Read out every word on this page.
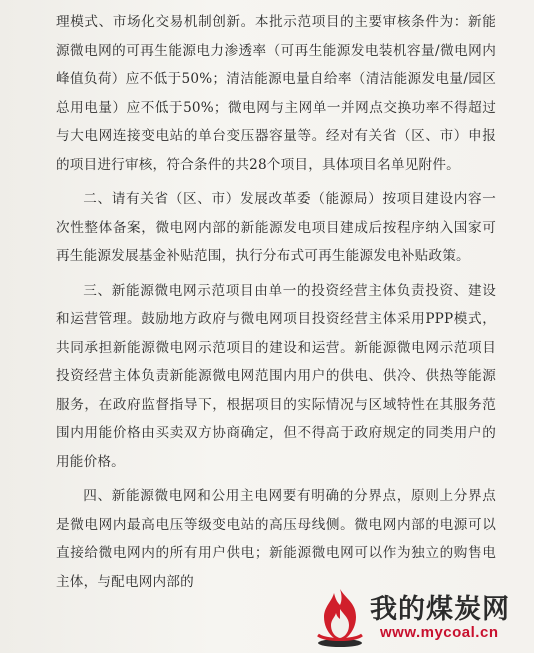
理模式、市场化交易机制创新。本批示范项目的主要审核条件为：新能源微电网的可再生能源电力渗透率（可再生能源发电装机容量/微电网内峰值负荷）应不低于50%；清洁能源电量自给率（清洁能源发电量/园区总用电量）应不低于50%；微电网与主网单一并网点交换功率不得超过与大电网连接变电站的单台变压器容量等。经对有关省（区、市）申报的项目进行审核，符合条件的共28个项目，具体项目名单见附件。

二、请有关省（区、市）发展改革委（能源局）按项目建设内容一次性整体备案，微电网内部的新能源发电项目建成后按程序纳入国家可再生能源发展基金补贴范围，执行分布式可再生能源发电补贴政策。

三、新能源微电网示范项目由单一的投资经营主体负责投资、建设和运营管理。鼓励地方政府与微电网项目投资经营主体采用PPP模式，共同承担新能源微电网示范项目的建设和运营。新能源微电网示范项目投资经营主体负责新能源微电网范围内用户的供电、供冷、供热等能源服务，在政府监督指导下，根据项目的实际情况与区域特性在其服务范围内用能价格由买卖双方协商确定，但不得高于政府规定的同类用户的用能价格。

四、新能源微电网和公用主电网要有明确的分界点，原则上分界点是微电网内最高电压等级变电站的高压母线侧。微电网内部的电源可以直接给微电网内的所有用户供电；新能源微电网可以作为独立的购售电主体，与配电网内部的

我的煤炭网
www.mycoal.cn
